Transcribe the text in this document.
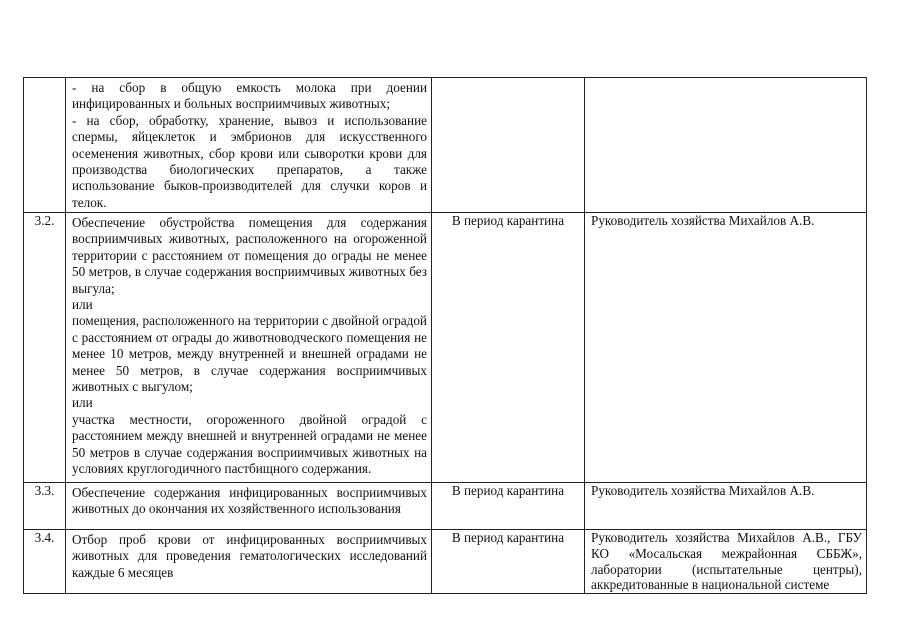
	- на сбор в общую емкость молока при доении инфицированных и больных восприимчивых животных;
- на сбор, обработку, хранение, вывоз и использование спермы, яйцеклеток и эмбрионов для искусственного осеменения животных, сбор крови или сыворотки крови для производства биологических препаратов, а также использование быков-производителей для случки коров и телок.		

3.2.	Обеспечение обустройства помещения для содержания восприимчивых животных, расположенного на огороженной территории с расстоянием от помещения до ограды не менее 50 метров, в случае содержания восприимчивых животных без выгула;
или
помещения, расположенного на территории с двойной оградой с расстоянием от ограды до животноводческого помещения не менее 10 метров, между внутренней и внешней оградами не менее 50 метров, в случае содержания восприимчивых животных с выгулом;
или
участка местности, огороженного двойной оградой с расстоянием между внешней и внутренней оградами не менее 50 метров в случае содержания восприимчивых животных на условиях круглогодичного пастбищного содержания.	В период карантина	Руководитель хозяйства Михайлов А.В.

3.3.	Обеспечение содержания инфицированных восприимчивых животных до окончания их хозяйственного использования	В период карантина	Руководитель хозяйства Михайлов А.В.

3.4.	Отбор проб крови от инфицированных восприимчивых животных для проведения гематологических исследований каждые 6 месяцев	В период карантина	Руководитель хозяйства Михайлов А.В., ГБУ КО «Мосальская межрайонная СББЖ», лаборатории (испытательные центры), аккредитованные в национальной системе
